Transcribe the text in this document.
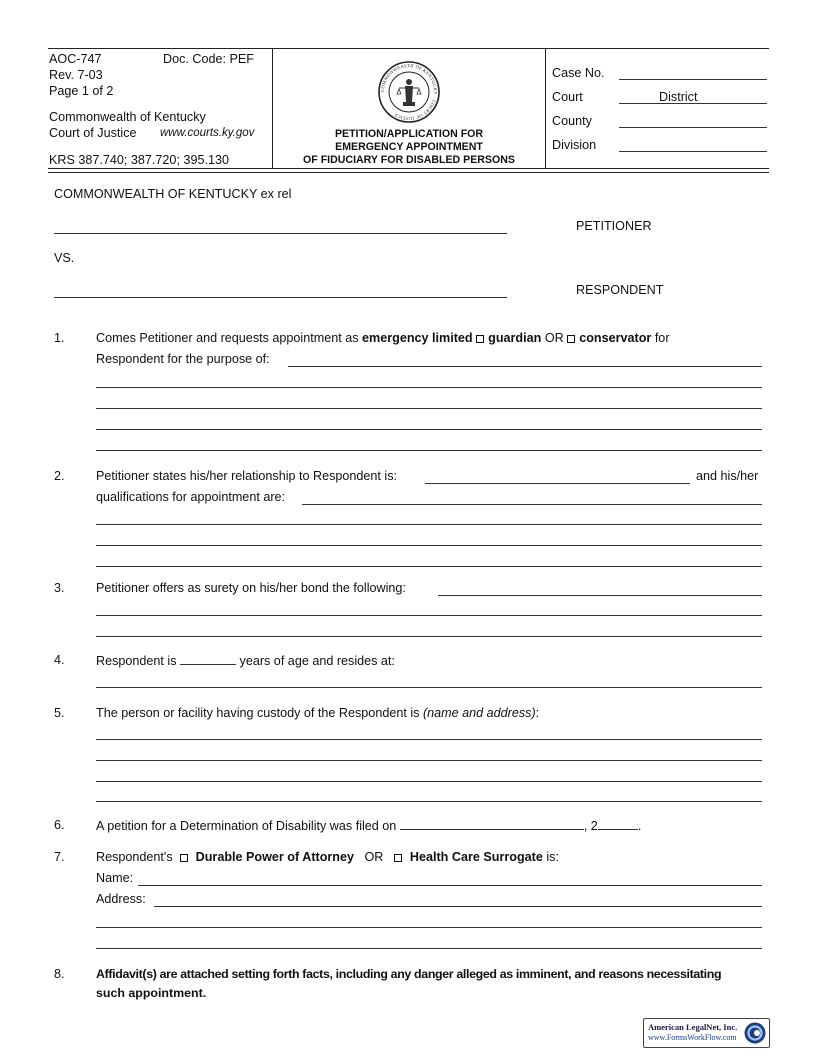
AOC-747	Doc. Code: PEF
Rev. 7-03
Page 1 of 2
Commonwealth of Kentucky
Court of Justice www.courts.ky.gov
KRS 387.740; 387.720; 395.130
COMMONWEALTH OF KENTUCKY · COURT OF JUSTICE
PETITION/APPLICATION FOR
EMERGENCY APPOINTMENT
OF FIDUCIARY FOR DISABLED PERSONS
Case No.
Court	District
County
Division
COMMONWEALTH OF KENTUCKY ex rel
PETITIONER
VS.
RESPONDENT
1. Comes Petitioner and requests appointment as emergency limited guardian OR conservator for
Respondent for the purpose of:
2. Petitioner states his/her relationship to Respondent is:	and his/her
qualifications for appointment are:
3. Petitioner offers as surety on his/her bond the following:
4. Respondent is	years of age and resides at:
5. The person or facility having custody of the Respondent is (name and address):
6. A petition for a Determination of Disability was filed on	, 2	.
7. Respondent's Durable Power of Attorney OR Health Care Surrogate is:
Name:
Address:
8.	Affidavit(s) are attached setting forth facts, including any danger alleged as imminent, and reasons necessitating
such appointment.
American LegalNet, Inc.
www.FormsWorkFlow.com
